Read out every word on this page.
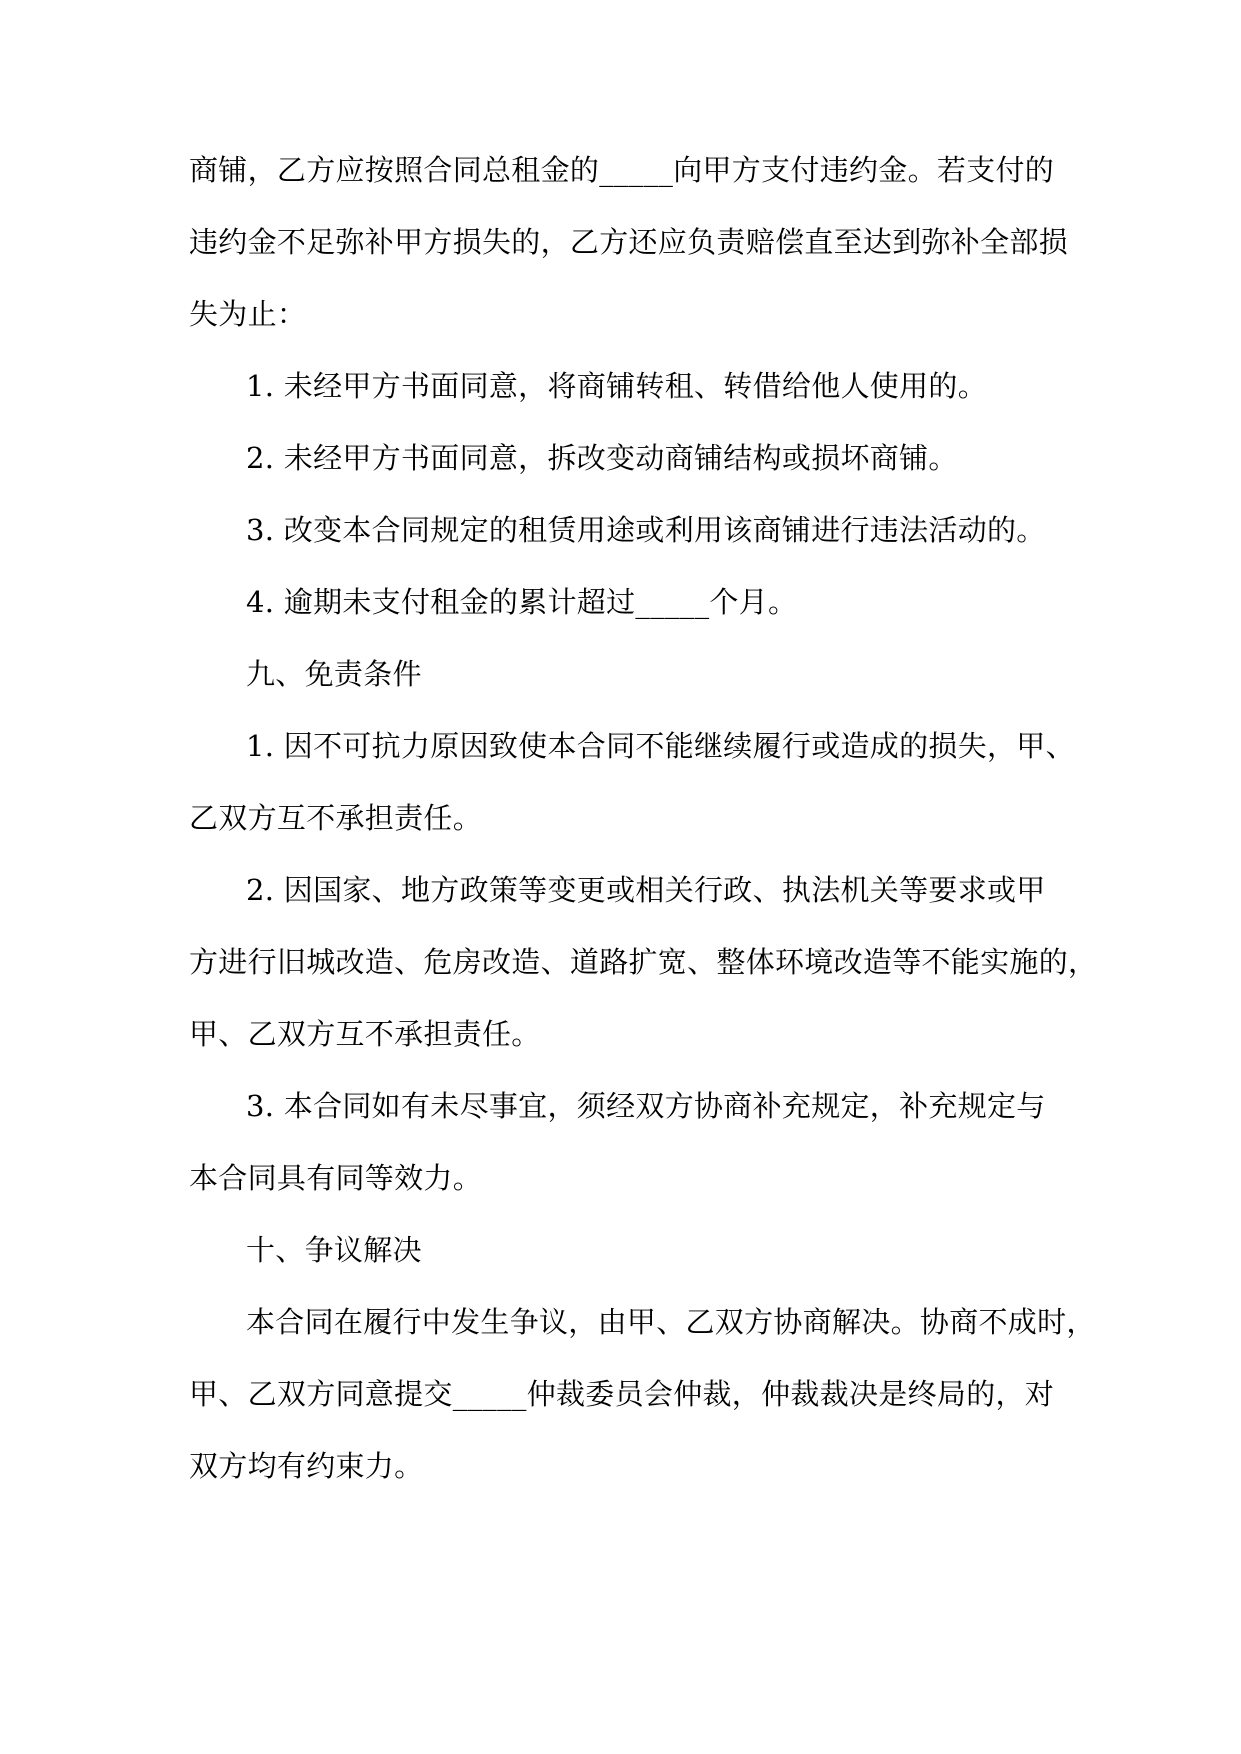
商铺，乙方应按照合同总租金的_____向甲方支付违约金。若支付的
违约金不足弥补甲方损失的，乙方还应负责赔偿直至达到弥补全部损
失为止：
1. 未经甲方书面同意，将商铺转租、转借给他人使用的。
2. 未经甲方书面同意，拆改变动商铺结构或损坏商铺。
3. 改变本合同规定的租赁用途或利用该商铺进行违法活动的。
4. 逾期未支付租金的累计超过_____个月。
九、免责条件
1. 因不可抗力原因致使本合同不能继续履行或造成的损失，甲、
乙双方互不承担责任。
2. 因国家、地方政策等变更或相关行政、执法机关等要求或甲
方进行旧城改造、危房改造、道路扩宽、整体环境改造等不能实施的，
甲、乙双方互不承担责任。
3. 本合同如有未尽事宜，须经双方协商补充规定，补充规定与
本合同具有同等效力。
十、争议解决
本合同在履行中发生争议，由甲、乙双方协商解决。协商不成时，
甲、乙双方同意提交_____仲裁委员会仲裁，仲裁裁决是终局的，对
双方均有约束力。
